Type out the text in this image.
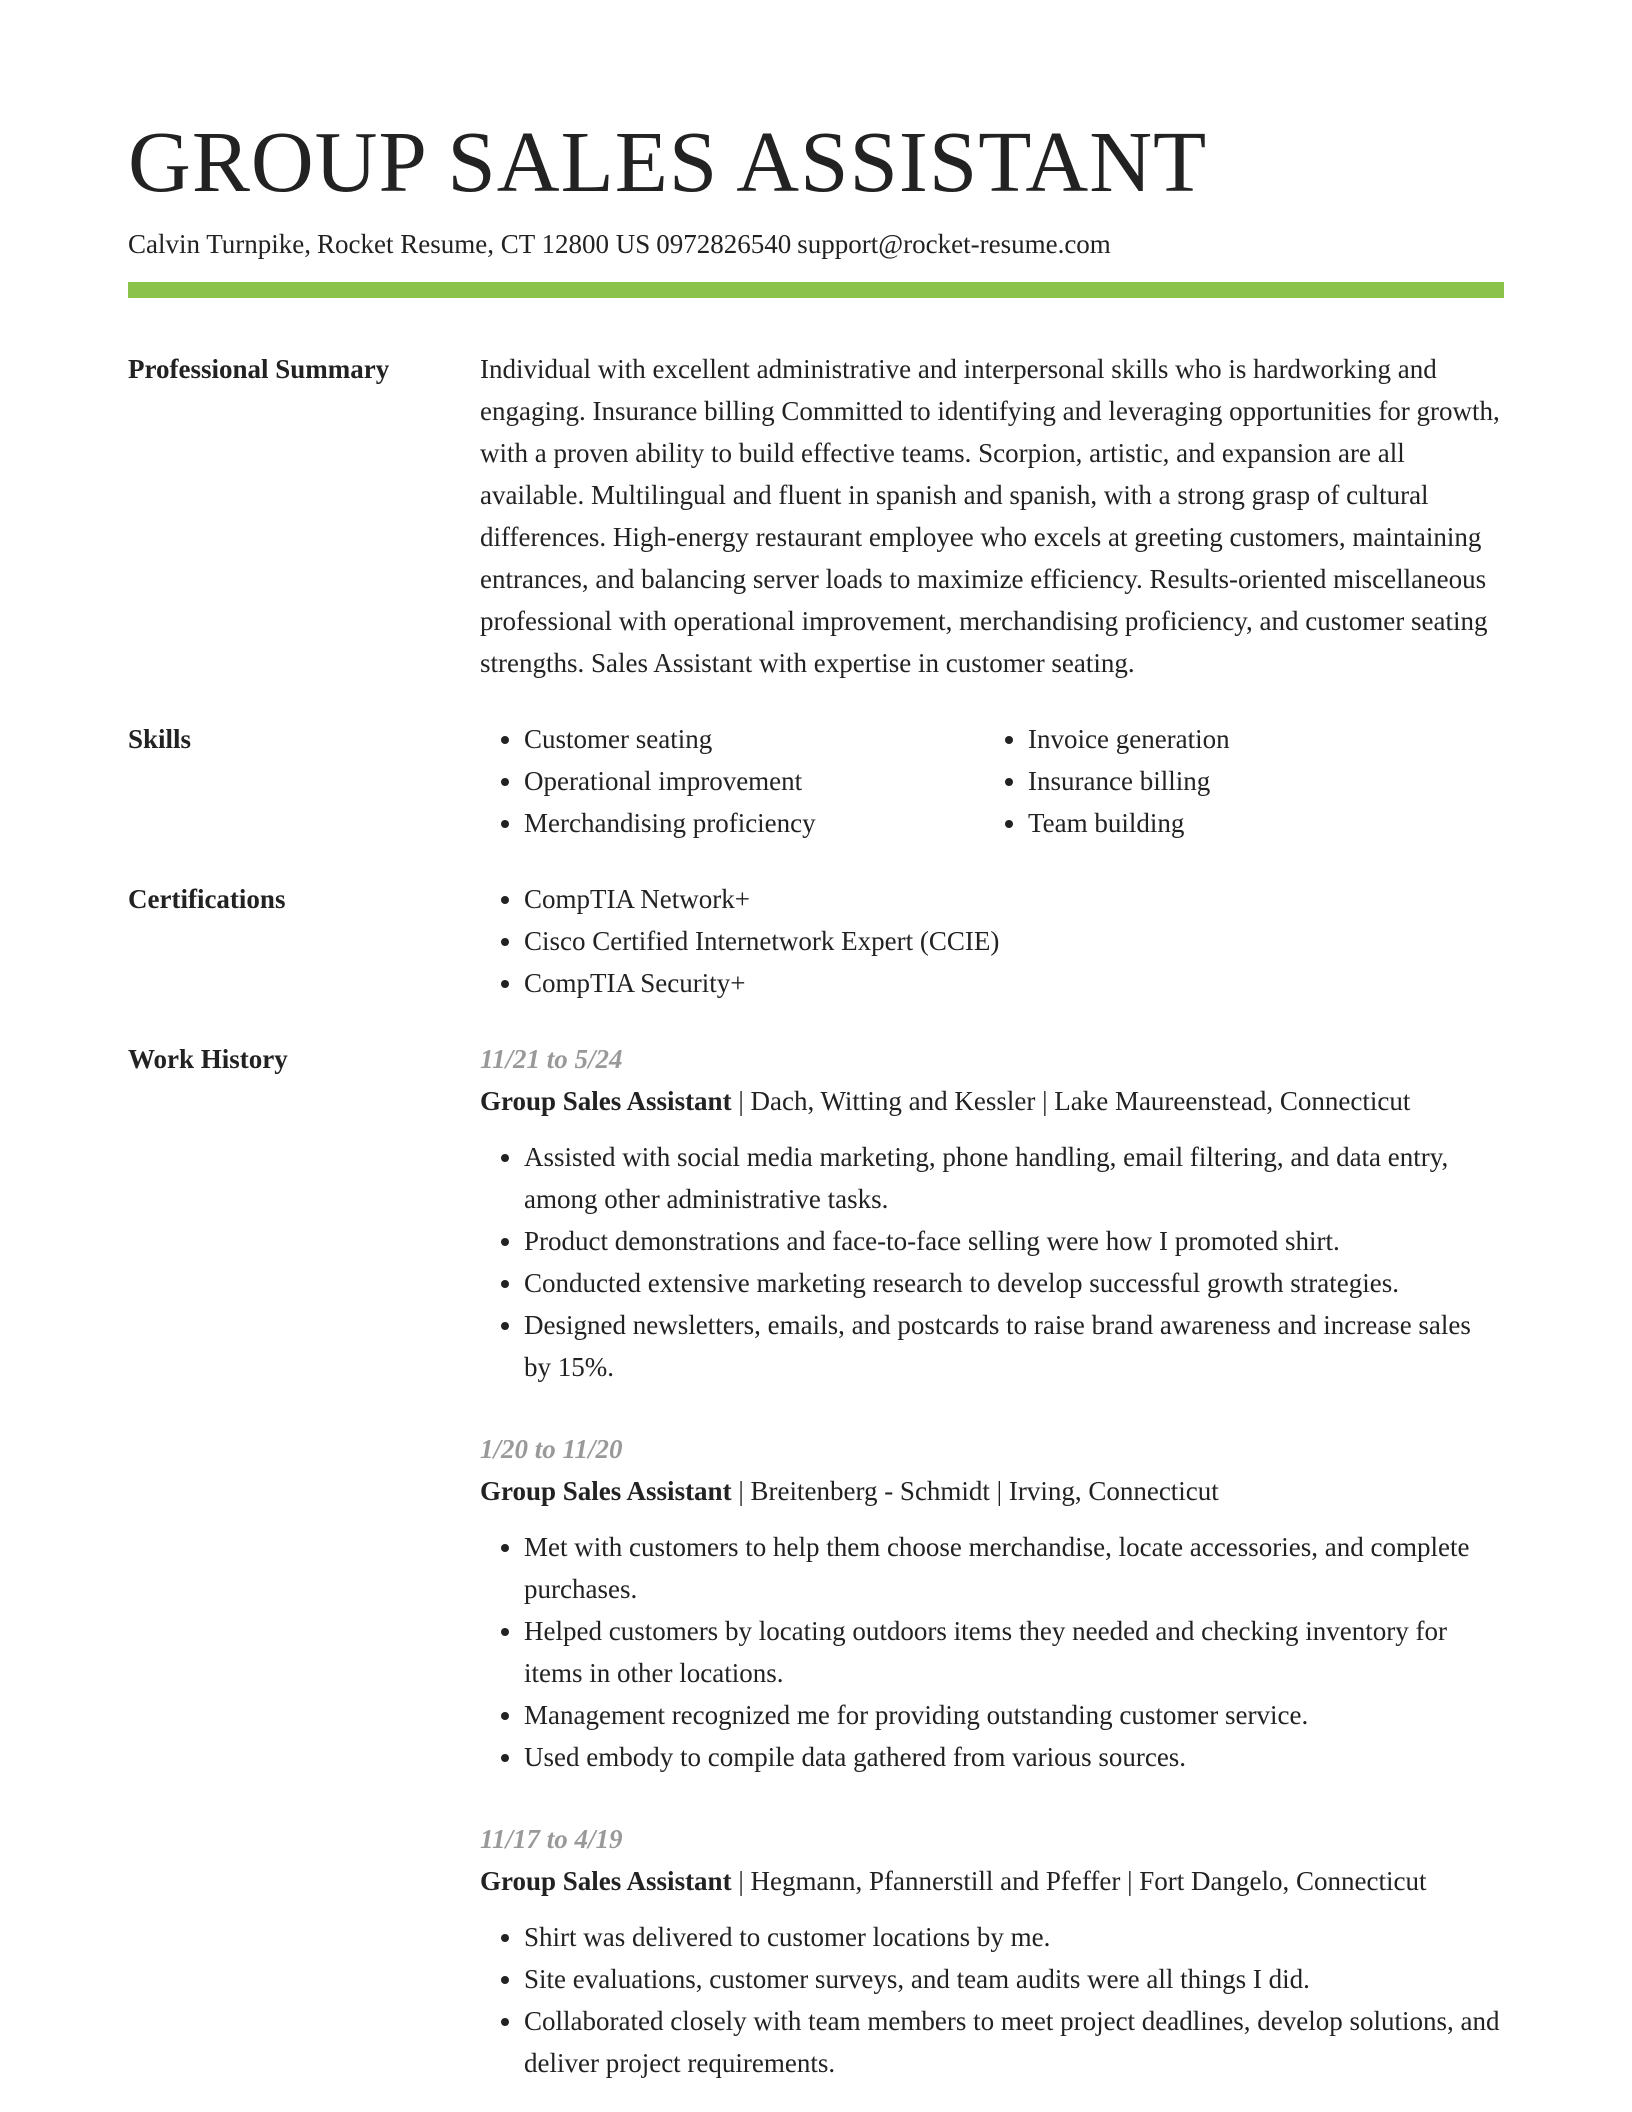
GROUP SALES ASSISTANT
Calvin Turnpike, Rocket Resume, CT 12800 US 0972826540 support@rocket-resume.com
Professional Summary	Individual with excellent administrative and interpersonal skills who is hardworking and engaging. Insurance billing Committed to identifying and leveraging opportunities for growth, with a proven ability to build effective teams. Scorpion, artistic, and expansion are all available. Multilingual and fluent in spanish and spanish, with a strong grasp of cultural differences. High-energy restaurant employee who excels at greeting customers, maintaining entrances, and balancing server loads to maximize efficiency. Results-oriented miscellaneous professional with operational improvement, merchandising proficiency, and customer seating strengths. Sales Assistant with expertise in customer seating.
Skills	• Customer seating	• Invoice generation
• Operational improvement	• Insurance billing
• Merchandising proficiency	• Team building
Certifications	• CompTIA Network+
• Cisco Certified Internetwork Expert (CCIE)
• CompTIA Security+
Work History	11/21 to 5/24
Group Sales Assistant | Dach, Witting and Kessler | Lake Maureenstead, Connecticut
• Assisted with social media marketing, phone handling, email filtering, and data entry, among other administrative tasks.
• Product demonstrations and face-to-face selling were how I promoted shirt.
• Conducted extensive marketing research to develop successful growth strategies.
• Designed newsletters, emails, and postcards to raise brand awareness and increase sales by 15%.
1/20 to 11/20
Group Sales Assistant | Breitenberg - Schmidt | Irving, Connecticut
• Met with customers to help them choose merchandise, locate accessories, and complete purchases.
• Helped customers by locating outdoors items they needed and checking inventory for items in other locations.
• Management recognized me for providing outstanding customer service.
• Used embody to compile data gathered from various sources.
11/17 to 4/19
Group Sales Assistant | Hegmann, Pfannerstill and Pfeffer | Fort Dangelo, Connecticut
• Shirt was delivered to customer locations by me.
• Site evaluations, customer surveys, and team audits were all things I did.
• Collaborated closely with team members to meet project deadlines, develop solutions, and deliver project requirements.
